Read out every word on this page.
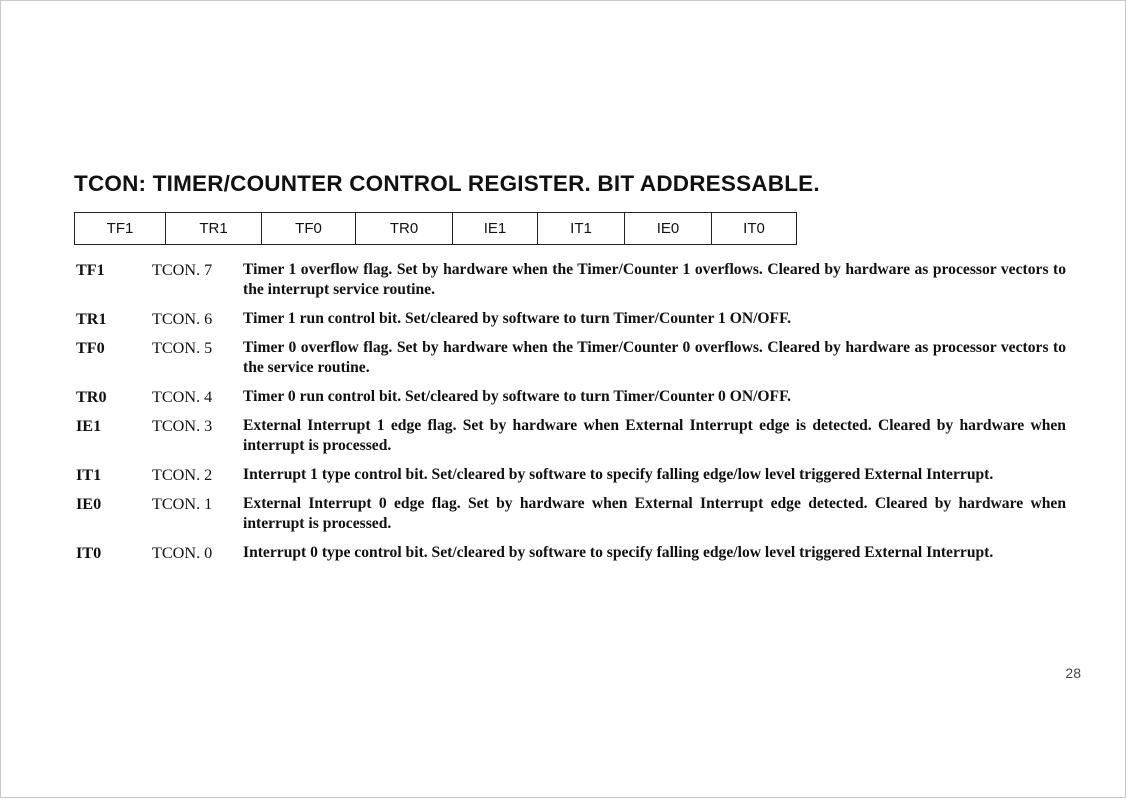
TCON: TIMER/COUNTER CONTROL REGISTER. BIT ADDRESSABLE.
TF1	TR1	TF0	TR0	IE1	IT1	IE0	IT0
TF1	TCON. 7	Timer 1 overflow flag. Set by hardware when the Timer/Counter 1 overflows. Cleared by hardware as processor vectors to the interrupt service routine.
TR1	TCON. 6	Timer 1 run control bit. Set/cleared by software to turn Timer/Counter 1 ON/OFF.
TF0	TCON. 5	Timer 0 overflow flag. Set by hardware when the Timer/Counter 0 overflows. Cleared by hardware as processor vectors to the service routine.
TR0	TCON. 4	Timer 0 run control bit. Set/cleared by software to turn Timer/Counter 0 ON/OFF.
IE1	TCON. 3	External Interrupt 1 edge flag. Set by hardware when External Interrupt edge is detected. Cleared by hardware when interrupt is processed.
IT1	TCON. 2	Interrupt 1 type control bit. Set/cleared by software to specify falling edge/low level triggered External Interrupt.
IE0	TCON. 1	External Interrupt 0 edge flag. Set by hardware when External Interrupt edge detected. Cleared by hardware when interrupt is processed.
IT0	TCON. 0	Interrupt 0 type control bit. Set/cleared by software to specify falling edge/low level triggered External Interrupt.
28
